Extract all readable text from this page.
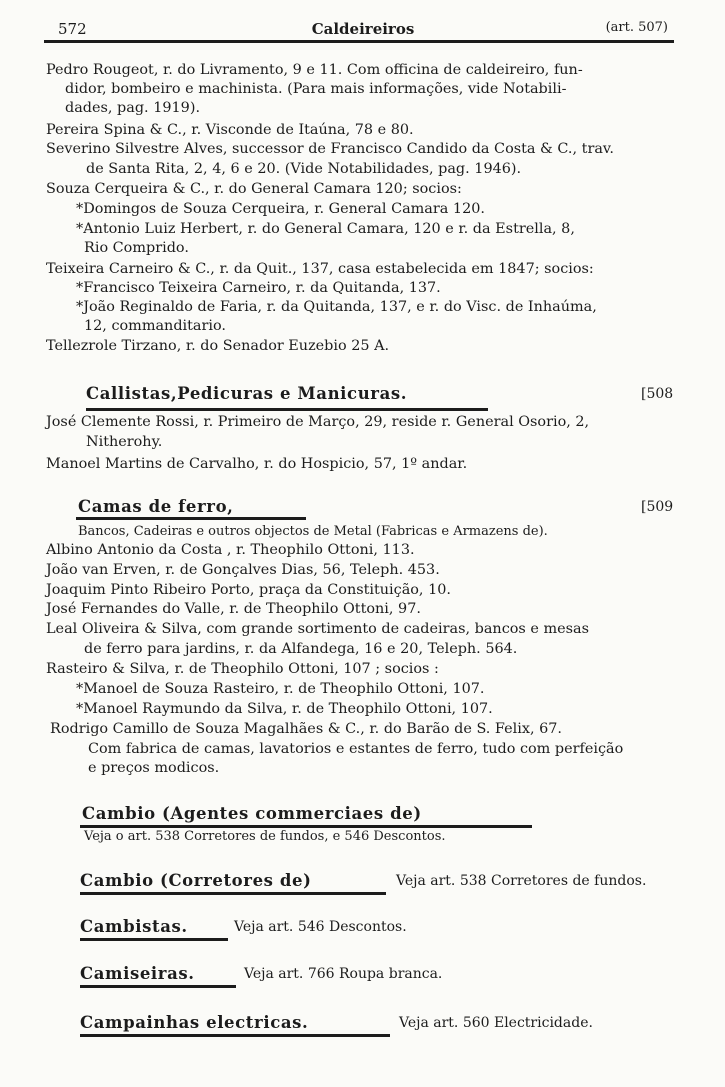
572	Caldeireiros	(art. 507)
Pedro Rougeot, r. do Livramento, 9 e 11. Com officina de caldeireiro, fun-
didor, bombeiro e machinista. (Para mais informações, vide Notabili-
dades, pag. 1919).
Pereira Spina & C., r. Visconde de Itaúna, 78 e 80.
Severino Silvestre Alves, successor de Francisco Candido da Costa & C., trav.
de Santa Rita, 2, 4, 6 e 20. (Vide Notabilidades, pag. 1946).
Souza Cerqueira & C., r. do General Camara 120; socios:
*Domingos de Souza Cerqueira, r. General Camara 120.
*Antonio Luiz Herbert, r. do General Camara, 120 e r. da Estrella, 8,
Rio Comprido.
Teixeira Carneiro & C., r. da Quit., 137, casa estabelecida em 1847; socios:
*Francisco Teixeira Carneiro, r. da Quitanda, 137.
*João Reginaldo de Faria, r. da Quitanda, 137, e r. do Visc. de Inhaúma,
12, commanditario.
Tellezrole Tirzano, r. do Senador Euzebio 25 A.
Callistas,Pedicuras e Manicuras.	[508
José Clemente Rossi, r. Primeiro de Março, 29, reside r. General Osorio, 2,
Nitherohy.
Manoel Martins de Carvalho, r. do Hospicio, 57, 1º andar.
Camas de ferro,	[509
Bancos, Cadeiras e outros objectos de Metal (Fabricas e Armazens de).
Albino Antonio da Costa , r. Theophilo Ottoni, 113.
João van Erven, r. de Gonçalves Dias, 56, Teleph. 453.
Joaquim Pinto Ribeiro Porto, praça da Constituição, 10.
José Fernandes do Valle, r. de Theophilo Ottoni, 97.
Leal Oliveira & Silva, com grande sortimento de cadeiras, bancos e mesas
de ferro para jardins, r. da Alfandega, 16 e 20, Teleph. 564.
Rasteiro & Silva, r. de Theophilo Ottoni, 107 ; socios :
*Manoel de Souza Rasteiro, r. de Theophilo Ottoni, 107.
*Manoel Raymundo da Silva, r. de Theophilo Ottoni, 107.
Rodrigo Camillo de Souza Magalhães & C., r. do Barão de S. Felix, 67.
Com fabrica de camas, lavatorios e estantes de ferro, tudo com perfeição
e preços modicos.
Cambio (Agentes commerciaes de)
Veja o art. 538 Corretores de fundos, e 546 Descontos.
Cambio (Corretores de)	Veja art. 538 Corretores de fundos.
Cambistas.	Veja art. 546 Descontos.
Camiseiras.	Veja art. 766 Roupa branca.
Campainhas electricas.	Veja art. 560 Electricidade.
